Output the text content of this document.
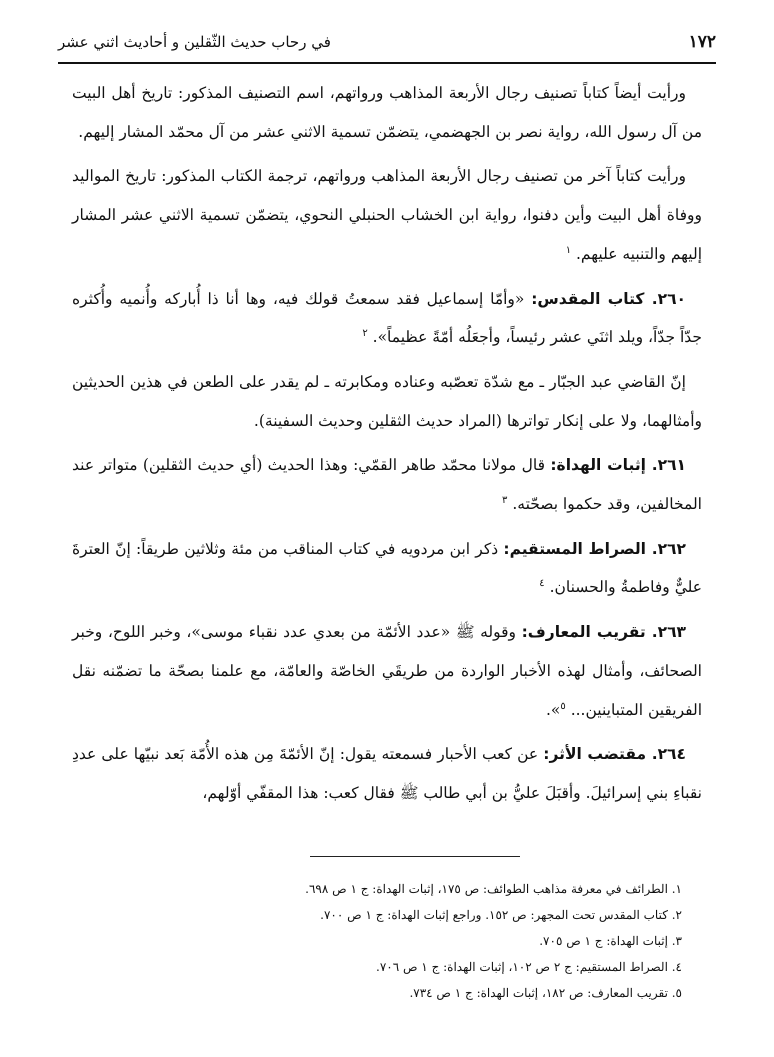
١٧٢
في رحاب حديث الثّقلين و أحاديث اثني عشر

ورأيت أيضاً كتاباً تصنيف رجال الأربعة المذاهب ورواتهم، اسم التصنيف المذكور: تاريخ أهل البيت من آل رسول الله، رواية نصر بن الجهضمي، يتضمّن تسمية الاثني عشر من آل محمّد المشار إليهم.

ورأيت كتاباً آخر من تصنيف رجال الأربعة المذاهب ورواتهم، ترجمة الكتاب المذكور: تاريخ المواليد ووفاة أهل البيت وأين دفنوا، رواية ابن الخشاب الحنبلي النحوي، يتضمّن تسمية الاثني عشر المشار إليهم والتنبيه عليهم. $^١$

٢٦٠. كتاب المقدس: «وأمّا إسماعيل فقد سمعتُ قولك فيه، وها أنا ذا أُباركه وأُنميه وأُكثره جدّاً جدّاً، ويلد اثنَي عشر رئيساً، وأجعَلُه أمّةً عظيماً». $^٢$

إنّ القاضي عبد الجبّار ـ مع شدّة تعصّبه وعناده ومكابرته ـ لم يقدر على الطعن في هذين الحديثين وأمثالهما، ولا على إنكار تواترها (المراد حديث الثقلين وحديث السفينة).

٢٦١. إثبات الهداة: قال مولانا محمّد طاهر القمّي: وهذا الحديث (أي حديث الثقلين) متواتر عند المخالفين، وقد حكموا بصحّته. $^٣$

٢٦٢. الصراط المستقيم: ذكر ابن مردويه في كتاب المناقب من مئة وثلاثين طريقاً: إنّ العترةَ عليٌّ وفاطمةُ والحسنان. $^٤$

٢٦٣. تقريب المعارف: وقوله ﷺ «عدد الأئمّة من بعدي عدد نقباء موسى»، وخبر اللوح، وخبر الصحائف، وأمثال لهذه الأخبار الواردة من طريقَي الخاصّة والعامّة، مع علمنا بصحّة ما تضمّنه نقل الفريقين المتباينين... $^٥$».

٢٦٤. مقتضب الأثر: عن كعب الأحبار فسمعته يقول: إنّ الأئمّةَ مِن هذه الأُمّة بَعد نبيّها على عددِ نقباءِ بني إسرائيلَ. وأقبَلَ عليُّ بن أبي طالب ﷺ فقال كعب: هذا المقفّي أوّلهم،

١. الطرائف في معرفة مذاهب الطوائف: ص ١٧٥، إثبات الهداة: ج ١ ص ٦٩٨.

٢. كتاب المقدس تحت المجهر: ص ١٥٢. وراجع إثبات الهداة: ج ١ ص ٧٠٠.

٣. إثبات الهداة: ج ١ ص ٧٠٥.

٤. الصراط المستقيم: ج ٢ ص ١٠٢، إثبات الهداة: ج ١ ص ٧٠٦.

٥. تقريب المعارف: ص ١٨٢، إثبات الهداة: ج ١ ص ٧٣٤.
